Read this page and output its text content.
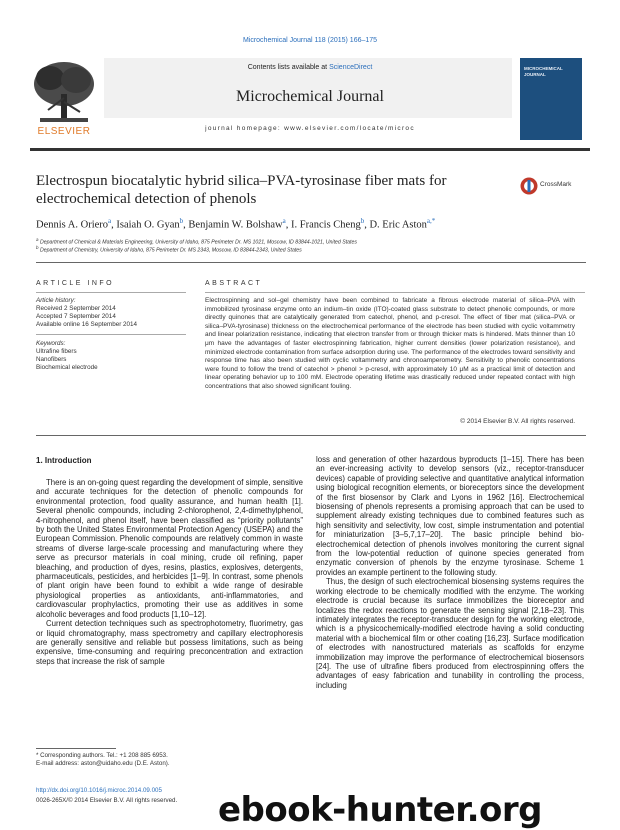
Microchemical Journal 118 (2015) 166–175
ELSEVIER
Contents lists available at ScienceDirect
Microchemical Journal
journal homepage: www.elsevier.com/locate/microc
MICROCHEMICAL JOURNAL
Electrospun biocatalytic hybrid silica–PVA-tyrosinase fiber mats for electrochemical detection of phenols
CrossMark
Dennis A. Oriero$^a$, Isaiah O. Gyan$^b$, Benjamin W. Bolshaw$^a$, I. Francis Cheng$^b$, D. Eric Aston$^{a,*}$
$^a$ Department of Chemical & Materials Engineering, University of Idaho, 875 Perimeter Dr. MS 1021, Moscow, ID 83844-1021, United States
$^b$ Department of Chemistry, University of Idaho, 875 Perimeter Dr. MS 2343, Moscow, ID 83844-2343, United States
ARTICLE INFO	ABSTRACT
Article history:
Received 2 September 2014
Accepted 7 September 2014
Available online 16 September 2014
Keywords:
Ultrafine fibers
Nanofibers
Biochemical electrode
Electrospinning and sol–gel chemistry have been combined to fabricate a fibrous electrode material of silica–PVA with immobilized tyrosinase enzyme onto an indium–tin oxide (ITO)-coated glass substrate to detect phenolic compounds, or more directly quinones that are catalytically generated from catechol, phenol, and p-cresol. The effect of fiber mat (silica–PVA or silica–PVA-tyrosinase) thickness on the electrochemical performance of the electrode has been studied with cyclic voltammetry and linear polarization resistance, indicating that electron transfer from or through thicker mats is hindered. Mats thinner than 10 μm have the advantages of faster electrospinning fabrication, higher current densities (lower polarization resistance), and minimized electrode contamination from surface adsorption during use. The performance of the electrodes toward sensitivity and response time has also been studied with cyclic voltammetry and chronoamperometry. Sensitivity to phenolic concentrations were found to follow the trend of catechol > phenol > p-cresol, with approximately 10 μM as a practical limit of detection and linear operating behavior up to 100 mM. Electrode operating lifetime was drastically reduced under repeated contact with high concentrations that also showed significant fouling.
© 2014 Elsevier B.V. All rights reserved.
1. Introduction

There is an on-going quest regarding the development of simple, sensitive and accurate techniques for the detection of phenolic compounds for environmental protection, food quality assurance, and human health [1]. Several phenolic compounds, including 2-chlorophenol, 2,4-dimethylphenol, 4-nitrophenol, and phenol itself, have been classified as “priority pollutants” by both the United States Environmental Protection Agency (USEPA) and the European Commission. Phenolic compounds are relatively common in waste streams of diverse large-scale processing and manufacturing where they serve as precursor materials in coal mining, crude oil refining, paper bleaching, and production of dyes, resins, plastics, explosives, detergents, pharmaceuticals, pesticides, and herbicides [1–9]. In contrast, some phenols of plant origin have been found to exhibit a wide range of desirable physiological properties as antioxidants, anti-inflammatories, and cardiovascular prophylactics, promoting their use as additives in some alcoholic beverages and food products [1,10–12].

Current detection techniques such as spectrophotometry, fluorimetry, gas or liquid chromatography, mass spectrometry and capillary electrophoresis are generally sensitive and reliable but possess limitations, such as being expensive, time-consuming and requiring preconcentration and extraction steps that increase the risk of sample

loss and generation of other hazardous byproducts [1–15]. There has been an ever-increasing activity to develop sensors (viz., receptor-transducer devices) capable of providing selective and quantitative analytical information using biological recognition elements, or bioreceptors since the development of the first biosensor by Clark and Lyons in 1962 [16]. Electrochemical biosensing of phenols represents a promising approach that can be used to supplement already existing techniques due to combined features such as high sensitivity and selectivity, low cost, simple instrumentation and potential for miniaturization [3–5,7,17–20]. The basic principle behind bio-electrochemical detection of phenols involves monitoring the current signal from the low-potential reduction of quinone species generated from enzymatic conversion of phenols by the enzyme tyrosinase. Scheme 1 provides an example pertinent to the following study.

Thus, the design of such electrochemical biosensing systems requires the working electrode to be chemically modified with the enzyme. The working electrode is crucial because its surface immobilizes the bioreceptor and localizes the redox reactions to generate the sensing signal [2,18–23]. This intimately integrates the receptor-transducer design for the working electrode, which is a physicochemically-modified electrode having a solid conducting material with a biochemical film or other coating [16,23]. Surface modification of electrodes with nanostructured materials as scaffolds for enzyme immobilization may improve the performance of electrochemical biosensors [24]. The use of ultrafine fibers produced from electrospinning offers the advantages of easy fabrication and tunability in controlling the process, including

* Corresponding authors. Tel.: +1 208 885 6953.
E-mail address: aston@uidaho.edu (D.E. Aston).
http://dx.doi.org/10.1016/j.microc.2014.09.005
0026-265X/© 2014 Elsevier B.V. All rights reserved.	ebook-hunter.org
